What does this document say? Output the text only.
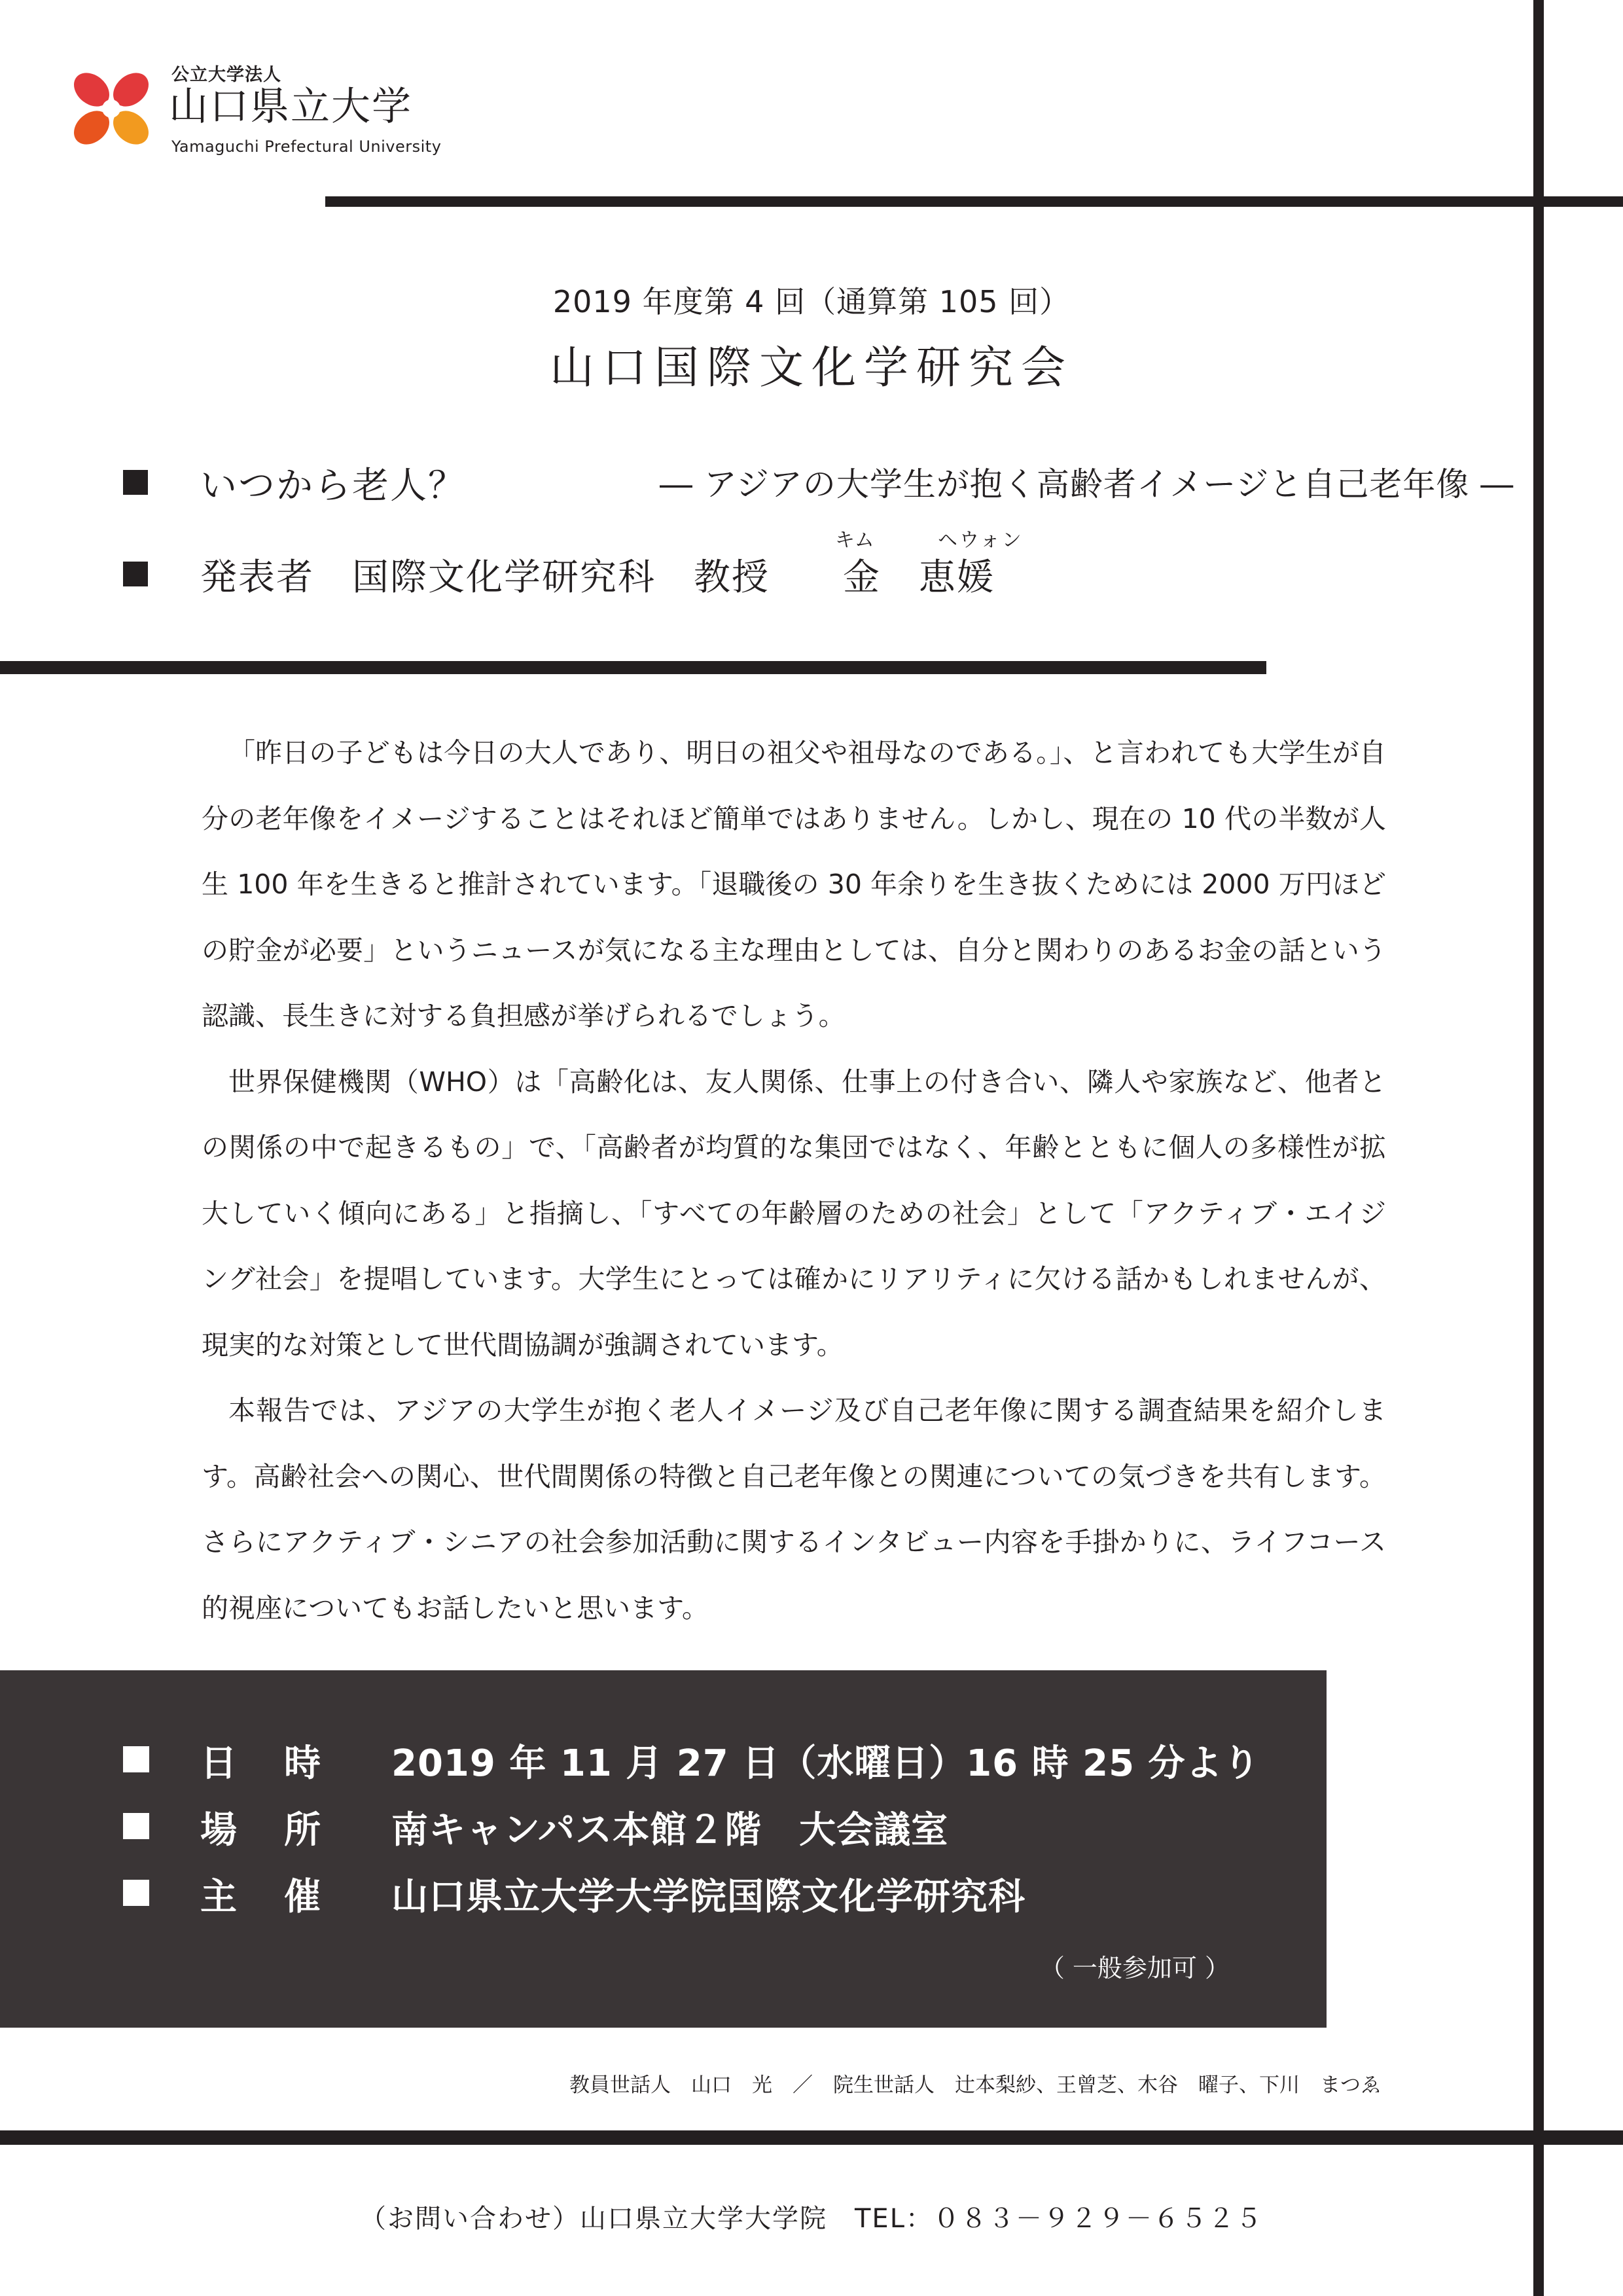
公立大学法人
山口県立大学
Yamaguchi Prefectural University
2019 年度第 4 回（通算第 105 回）
山口国際文化学研究会
いつから老人？	― アジアの大学生が抱く高齢者イメージと自己老年像 ―
キム	ヘウォン
発表者　国際文化学研究科　教授 金　 恵媛

「昨日の子どもは今日の大人であり、明日の祖父や祖母なのである。」、と言われても大学生が自分の老年像をイメージすることはそれほど簡単ではありません。しかし、現在の 10 代の半数が人生 100 年を生きると推計されています。「退職後の 30 年余りを生き抜くためには 2000 万円ほどの貯金が必要」というニュースが気になる主な理由としては、自分と関わりのあるお金の話という認識、長生きに対する負担感が挙げられるでしょう。

世界保健機関（WHO）は「高齢化は、友人関係、仕事上の付き合い、隣人や家族など、他者との関係の中で起きるもの」で、「高齢者が均質的な集団ではなく、年齢とともに個人の多様性が拡大していく傾向にある」と指摘し、「すべての年齢層のための社会」として「アクティブ・エイジング社会」を提唱しています。大学生にとっては確かにリアリティに欠ける話かもしれませんが、現実的な対策として世代間協調が強調されています。

本報告では、アジアの大学生が抱く老人イメージ及び自己老年像に関する調査結果を紹介します。高齢社会への関心、世代間関係の特徴と自己老年像との関連についての気づきを共有します。さらにアクティブ・シニアの社会参加活動に関するインタビュー内容を手掛かりに、ライフコース的視座についてもお話したいと思います。

日 時 2019 年 11 月 27 日（水曜日）16 時 25 分より
場 所 南キャンパス本館２階　大会議室
主 催 山口県立大学大学院国際文化学研究科
（ 一般参加可 ）
教員世話人　山口　光　／　院生世話人　辻本梨紗、王曾芝、木谷　曜子、下川　まつゑ
（お問い合わせ）山口県立大学大学院　TEL：０８３－９２９－６５２５
